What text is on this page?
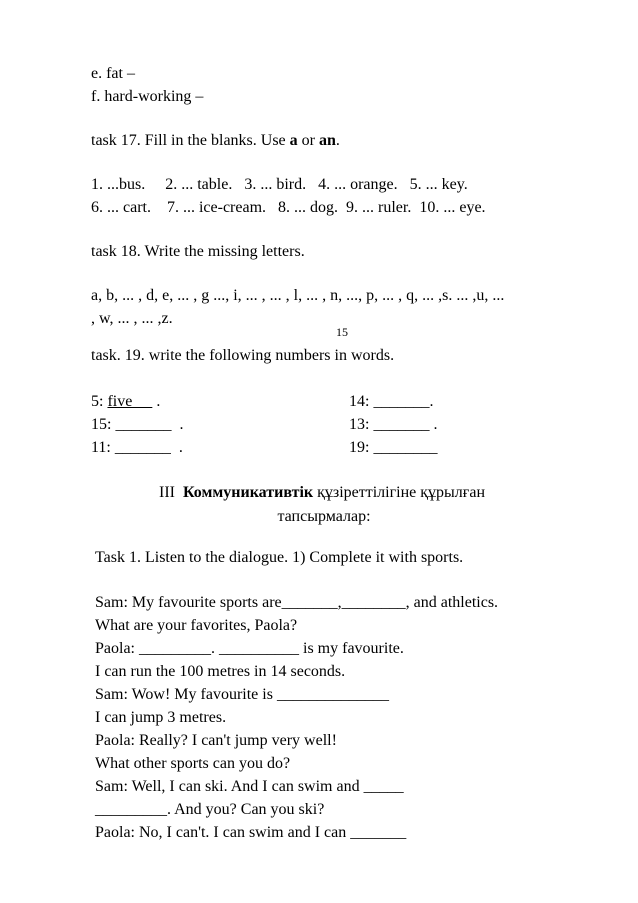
e. fat –
f. hard-working –
task 17. Fill in the blanks. Use a or an.
1. ...bus.     2. ... table.   3. ... bird.   4. ... orange.   5. ... key.
6. ... cart.    7. ... ice-cream.   8. ... dog.  9. ... ruler.  10. ... eye.
task 18. Write the missing letters.
a, b, ... , d, e, ... , g ..., i, ... , ... , l, ... , n, ..., p, ... , q, ... ,s. ... ,u, ...
, w, ... , ... ,z.
15
task. 19. write the following numbers in words.
5: five      .
15: _______  .
11: _______  .
14: _______.
13: _______ .
19: ________
III  Коммуникативтік құзіреттілігіне құрылған
тапсырмалар:
Task 1. Listen to the dialogue. 1) Complete it with sports.
Sam: My favourite sports are_______,________, and athletics.
What are your favorites, Paola?
Paola: _________. __________ is my favourite.
I can run the 100 metres in 14 seconds.
Sam: Wow! My favourite is ______________
I can jump 3 metres.
Paola: Really? I can't jump very well!
What other sports can you do?
Sam: Well, I can ski. And I can swim and _____
_________. And you? Can you ski?
Paola: No, I can't. I can swim and I can _______
